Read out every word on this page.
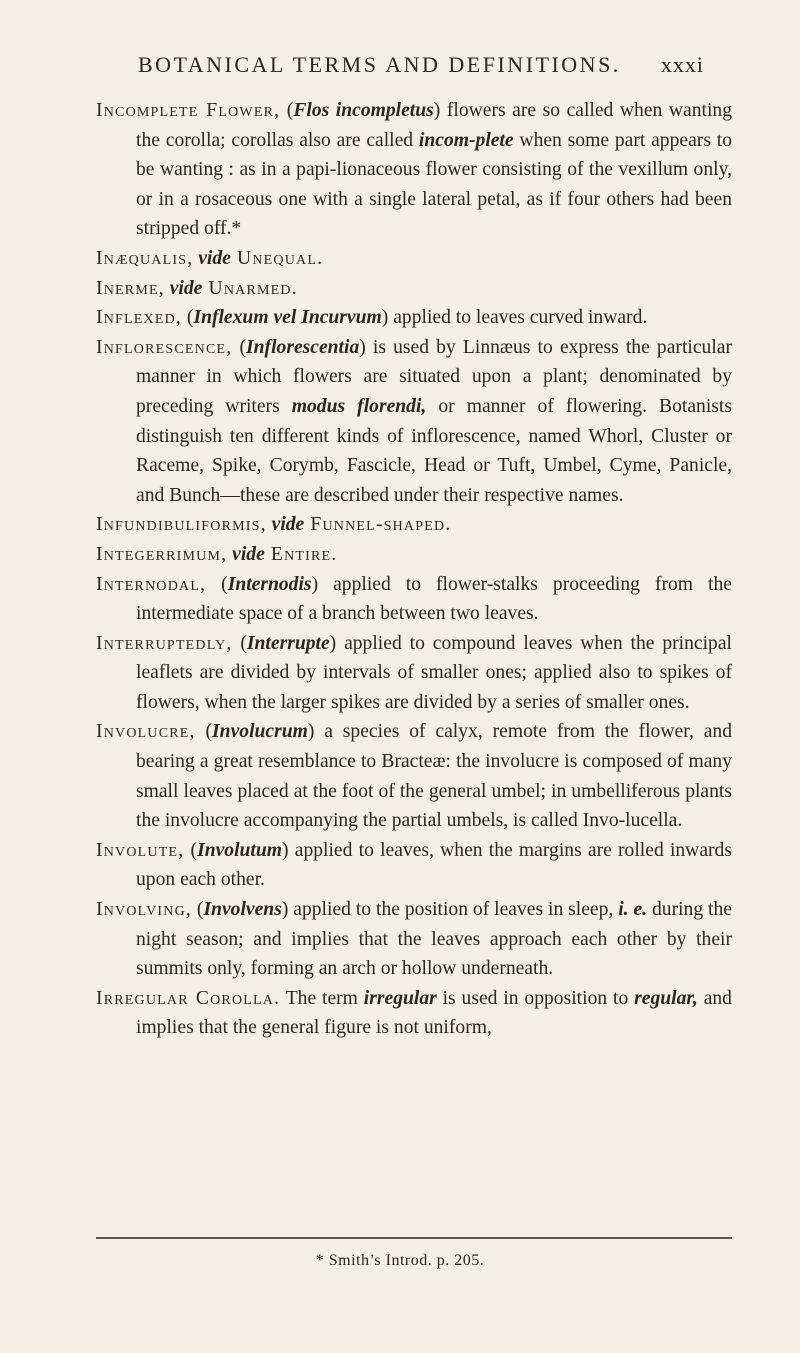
BOTANICAL TERMS AND DEFINITIONS. xxxi

Incomplete Flower, (Flos incompletus) flowers are so called when wanting the corolla; corollas also are called incom-plete when some part appears to be wanting : as in a papi-lionaceous flower consisting of the vexillum only, or in a rosaceous one with a single lateral petal, as if four others had been stripped off.*

Inæqualis, vide Unequal.

Inerme, vide Unarmed.

Inflexed, (Inflexum vel Incurvum) applied to leaves curved inward.

Inflorescence, (Inflorescentia) is used by Linnæus to express the particular manner in which flowers are situated upon a plant; denominated by preceding writers modus florendi, or manner of flowering. Botanists distinguish ten different kinds of inflorescence, named Whorl, Cluster or Raceme, Spike, Corymb, Fascicle, Head or Tuft, Umbel, Cyme, Panicle, and Bunch—these are described under their respective names.

Infundibuliformis, vide Funnel-shaped.

Integerrimum, vide Entire.

Internodal, (Internodis) applied to flower-stalks proceeding from the intermediate space of a branch between two leaves.

Interruptedly, (Interrupte) applied to compound leaves when the principal leaflets are divided by intervals of smaller ones; applied also to spikes of flowers, when the larger spikes are divided by a series of smaller ones.

Involucre, (Involucrum) a species of calyx, remote from the flower, and bearing a great resemblance to Bracteæ: the involucre is composed of many small leaves placed at the foot of the general umbel; in umbelliferous plants the involucre accompanying the partial umbels, is called Invo-lucella.

Involute, (Involutum) applied to leaves, when the margins are rolled inwards upon each other.

Involving, (Involvens) applied to the position of leaves in sleep, i. e. during the night season; and implies that the leaves approach each other by their summits only, forming an arch or hollow underneath.

Irregular Corolla. The term irregular is used in opposition to regular, and implies that the general figure is not uniform,

* Smith’s Introd. p. 205.
